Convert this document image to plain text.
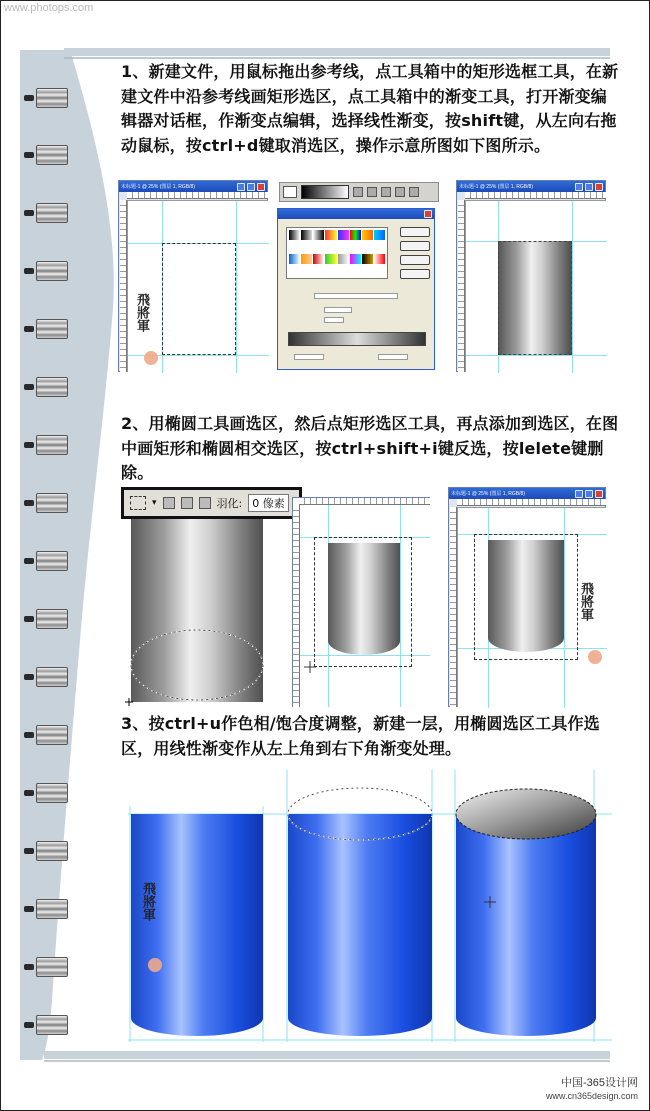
www.photops.com
1、新建文件，用鼠标拖出参考线，点工具箱中的矩形选框工具，在新建文件中沿参考线画矩形选区，点工具箱中的渐变工具，打开渐变编辑器对话框，作渐变点编辑，选择线性渐变，按shift键，从左向右拖动鼠标，按ctrl+d键取消选区，操作示意所图如下图所示。
未标题-1 @ 25% (图层 1, RGB/8)
飛將軍
未标题-1 @ 25% (图层 1, RGB/8)
2、用椭圆工具画选区，然后点矩形选区工具，再点添加到选区，在图中画矩形和椭圆相交选区，按ctrl+shift+i键反选，按lelete键删除。
▾	羽化: 0 像素
未标题-1 @ 25% (图层 1, RGB/8)
飛將軍
3、按ctrl+u作色相/饱合度调整，新建一层，用椭圆选区工具作选区，用线性渐变作从左上角到右下角渐变处理。
飛將軍
中国-365设计网
www.cn365design.com
